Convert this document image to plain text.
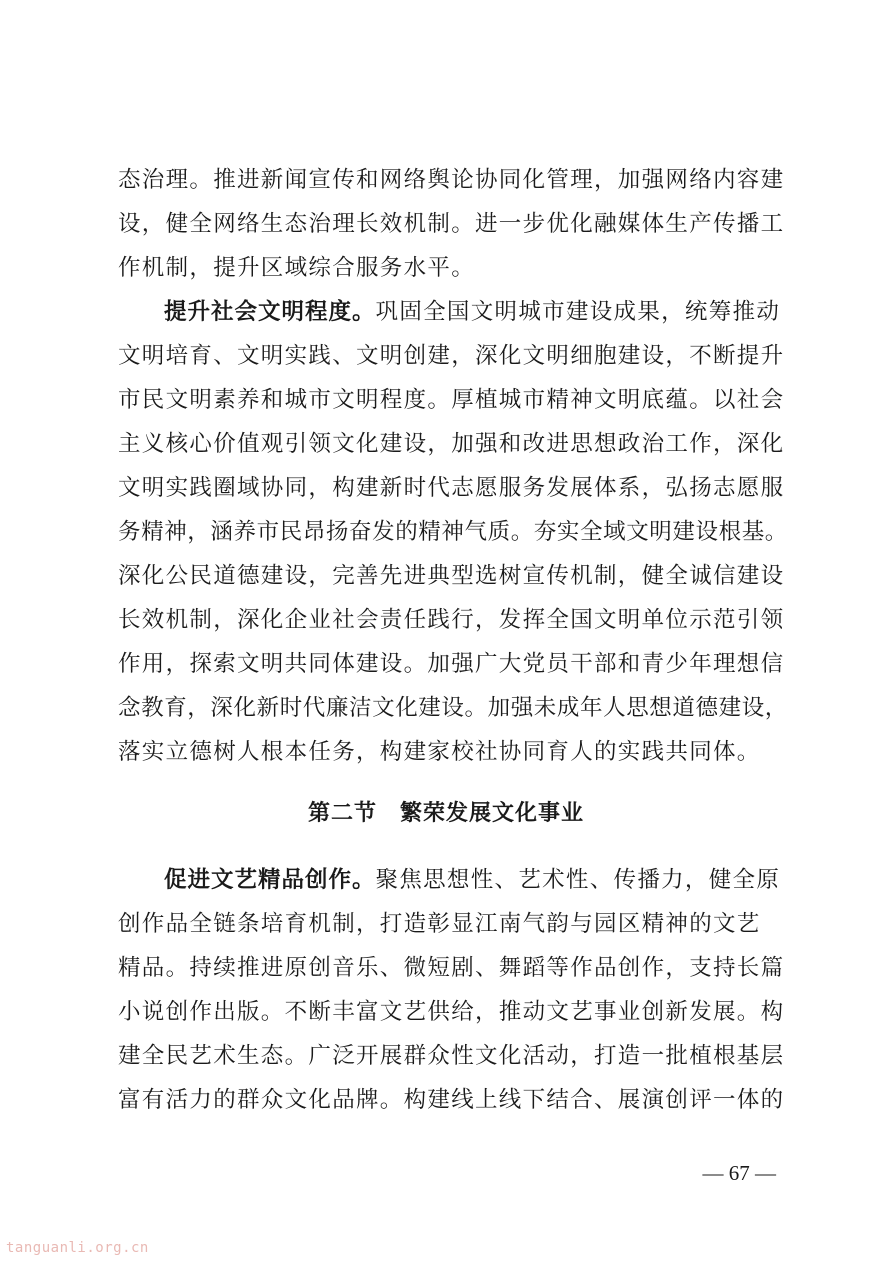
态治理。推进新闻宣传和网络舆论协同化管理，加强网络内容建
设，健全网络生态治理长效机制。进一步优化融媒体生产传播工
作机制，提升区域综合服务水平。
提升社会文明程度。巩固全国文明城市建设成果，统筹推动
文明培育、文明实践、文明创建，深化文明细胞建设，不断提升
市民文明素养和城市文明程度。厚植城市精神文明底蕴。以社会
主义核心价值观引领文化建设，加强和改进思想政治工作，深化
文明实践圈域协同，构建新时代志愿服务发展体系，弘扬志愿服
务精神，涵养市民昂扬奋发的精神气质。夯实全域文明建设根基。
深化公民道德建设，完善先进典型选树宣传机制，健全诚信建设
长效机制，深化企业社会责任践行，发挥全国文明单位示范引领
作用，探索文明共同体建设。加强广大党员干部和青少年理想信
念教育，深化新时代廉洁文化建设。加强未成年人思想道德建设，
落实立德树人根本任务，构建家校社协同育人的实践共同体。
第二节　繁荣发展文化事业
促进文艺精品创作。聚焦思想性、艺术性、传播力，健全原
创作品全链条培育机制，打造彰显江南气韵与园区精神的文艺
精品。持续推进原创音乐、微短剧、舞蹈等作品创作，支持长篇
小说创作出版。不断丰富文艺供给，推动文艺事业创新发展。构
建全民艺术生态。广泛开展群众性文化活动，打造一批植根基层
富有活力的群众文化品牌。构建线上线下结合、展演创评一体的
— 67 —
tanguanli.org.cn
